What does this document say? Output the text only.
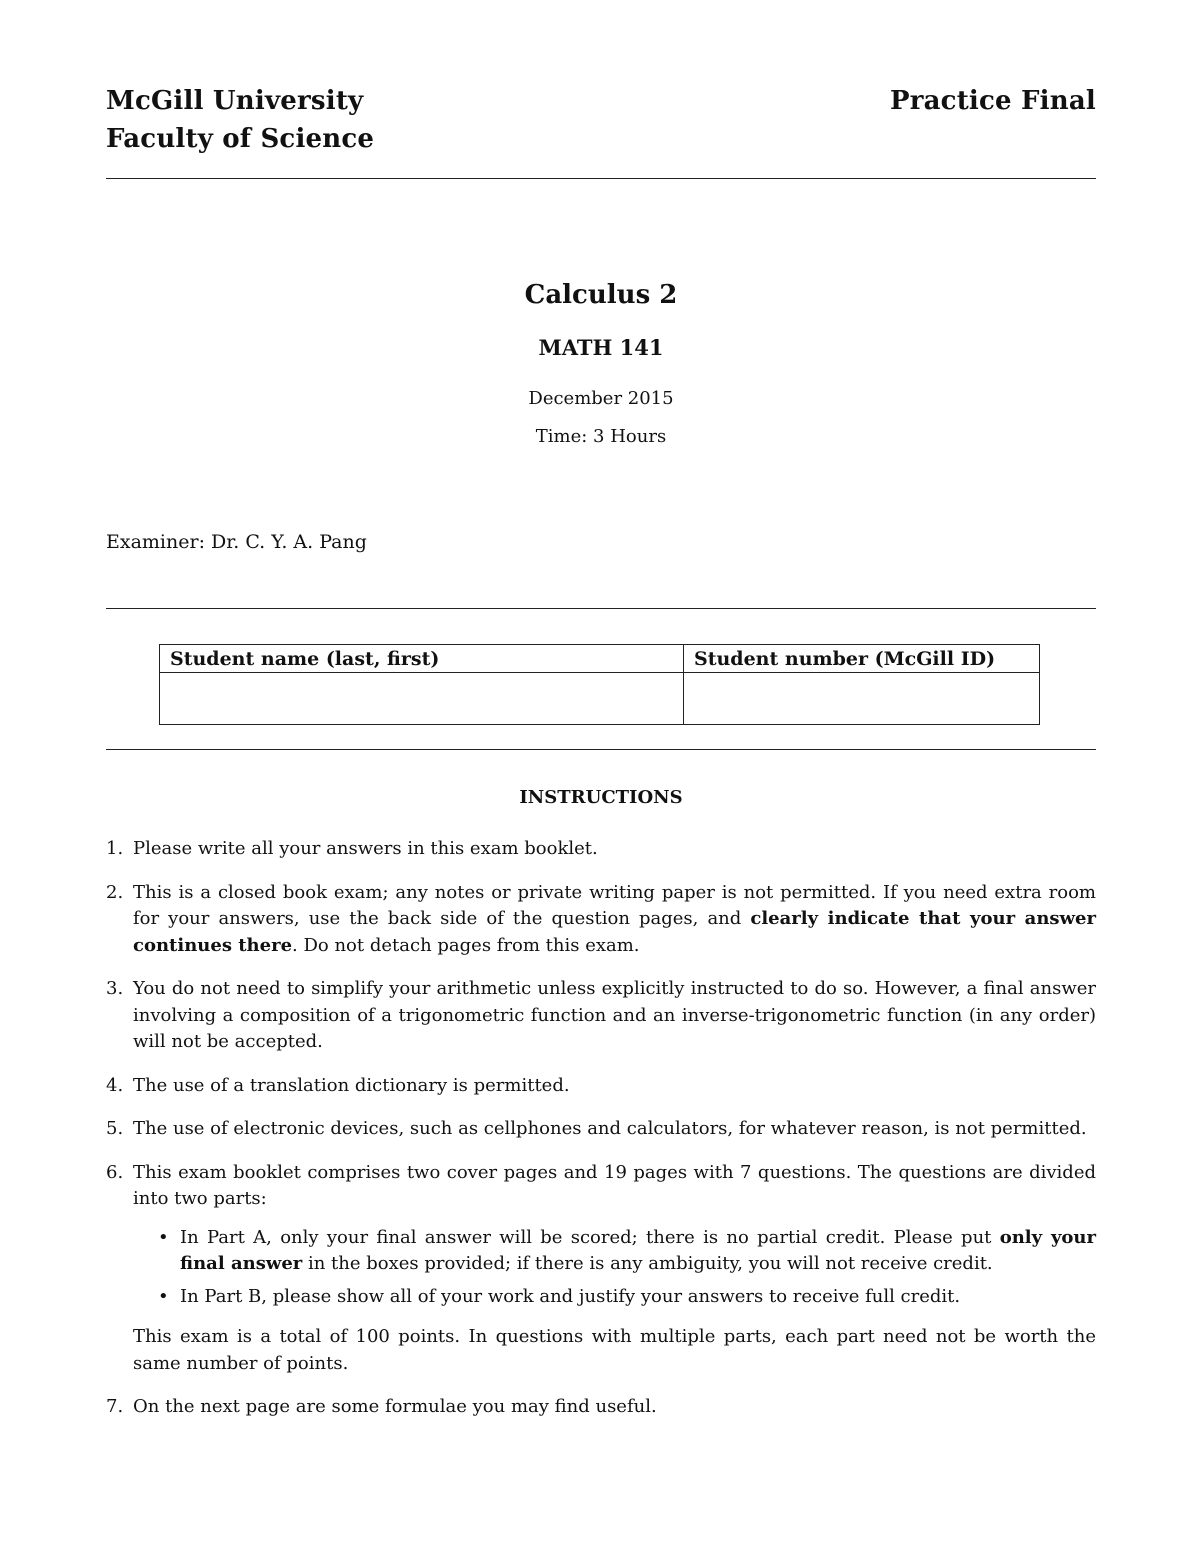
McGill University
Faculty of Science
Practice Final
Calculus 2
MATH 141
December 2015
Time: 3 Hours
Examiner: Dr. C. Y. A. Pang
Student name (last, first)	Student number (McGill ID)

INSTRUCTIONS
1. Please write all your answers in this exam booklet.
2. This is a closed book exam; any notes or private writing paper is not permitted. If you need extra room for your answers, use the back side of the question pages, and clearly indicate that your answer continues there. Do not detach pages from this exam.
3. You do not need to simplify your arithmetic unless explicitly instructed to do so. However, a final answer involving a composition of a trigonometric function and an inverse-trigonometric function (in any order) will not be accepted.
4. The use of a translation dictionary is permitted.
5. The use of electronic devices, such as cellphones and calculators, for whatever reason, is not permitted.
6. This exam booklet comprises two cover pages and 19 pages with 7 questions. The questions are divided into two parts:
• In Part A, only your final answer will be scored; there is no partial credit. Please put only your final answer in the boxes provided; if there is any ambiguity, you will not receive credit.
• In Part B, please show all of your work and justify your answers to receive full credit.
This exam is a total of 100 points. In questions with multiple parts, each part need not be worth the same number of points.
7. On the next page are some formulae you may find useful.
